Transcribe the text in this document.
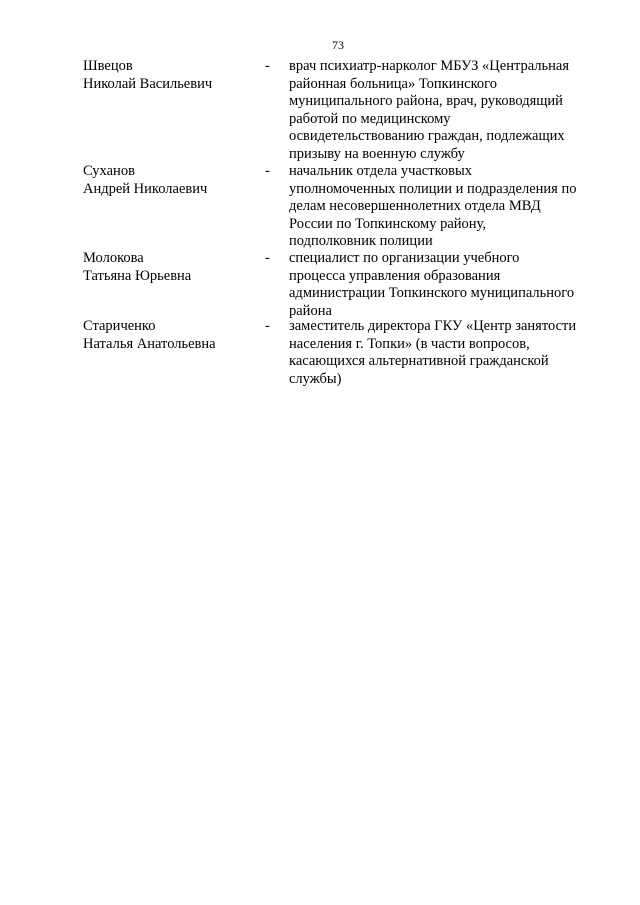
73
Швецов
Николай Васильевич
-	врач психиатр-нарколог МБУЗ «Центральная
районная больница» Топкинского
муниципального района, врач, руководящий
работой по медицинскому
освидетельствованию граждан, подлежащих
призыву на военную службу
Суханов
Андрей Николаевич
-	начальник отдела участковых
уполномоченных полиции и подразделения по
делам несовершеннолетних отдела МВД
России по Топкинскому району,
подполковник полиции
Молокова
Татьяна Юрьевна
-	специалист по организации учебного
процесса управления образования
администрации Топкинского муниципального
района
Стариченко
Наталья Анатольевна
-	заместитель директора ГКУ «Центр занятости
населения г. Топки» (в части вопросов,
касающихся альтернативной гражданской
службы)
